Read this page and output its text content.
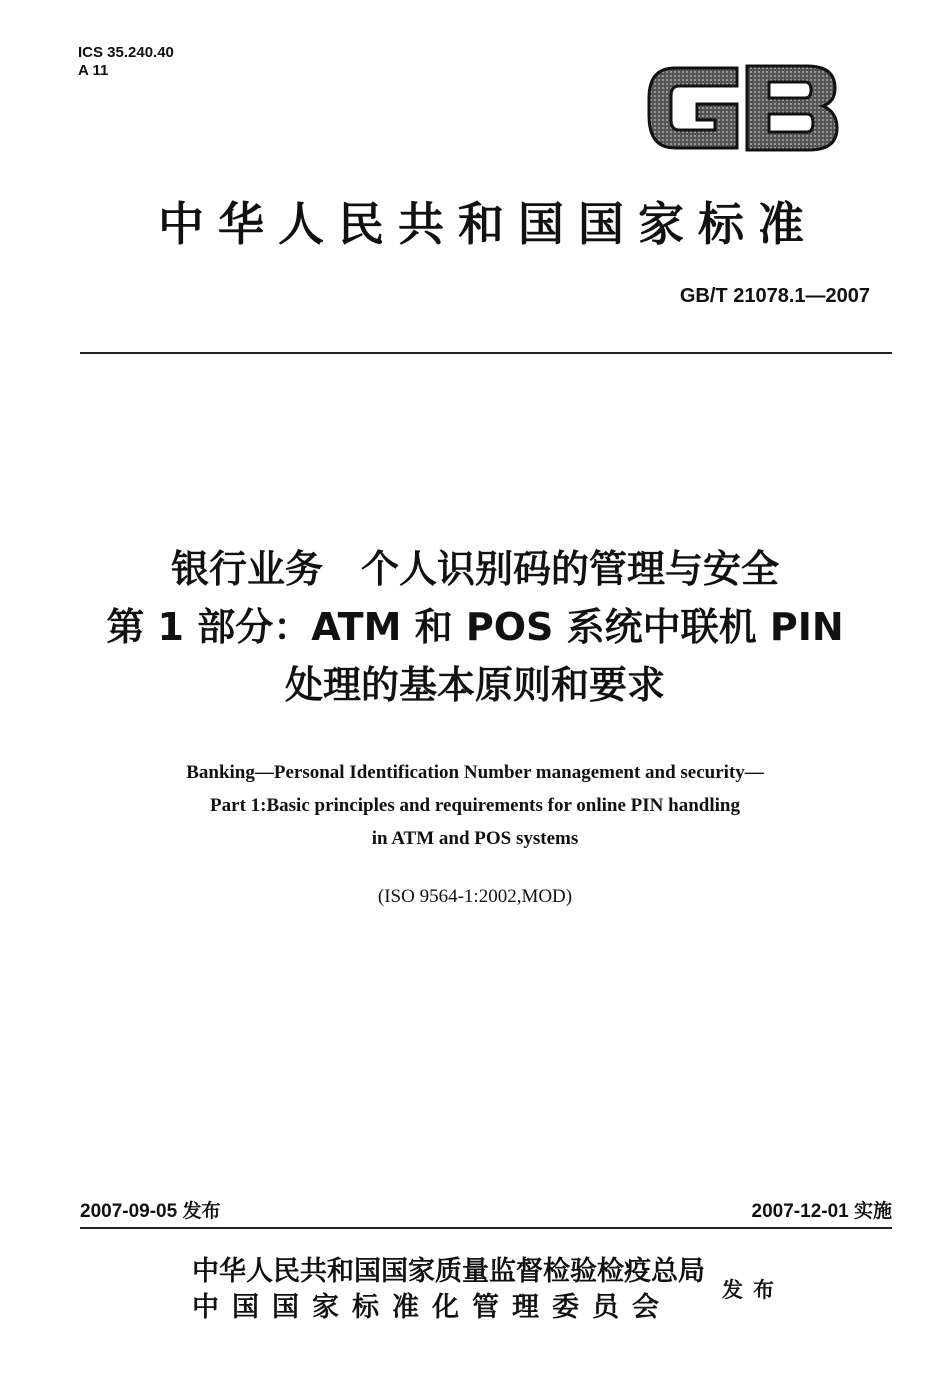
ICS 35.240.40
A 11
中华人民共和国国家标准
GB/T 21078.1—2007
银行业务　个人识别码的管理与安全
第 1 部分：ATM 和 POS 系统中联机 PIN
处理的基本原则和要求
Banking—Personal Identification Number management and security—
Part 1:Basic principles and requirements for online PIN handling
in ATM and POS systems
(ISO 9564-1:2002,MOD)
2007-09-05 发布	2007-12-01 实施
中华人民共和国国家质量监督检验检疫总局
中国国家标准化管理委员会
发布
